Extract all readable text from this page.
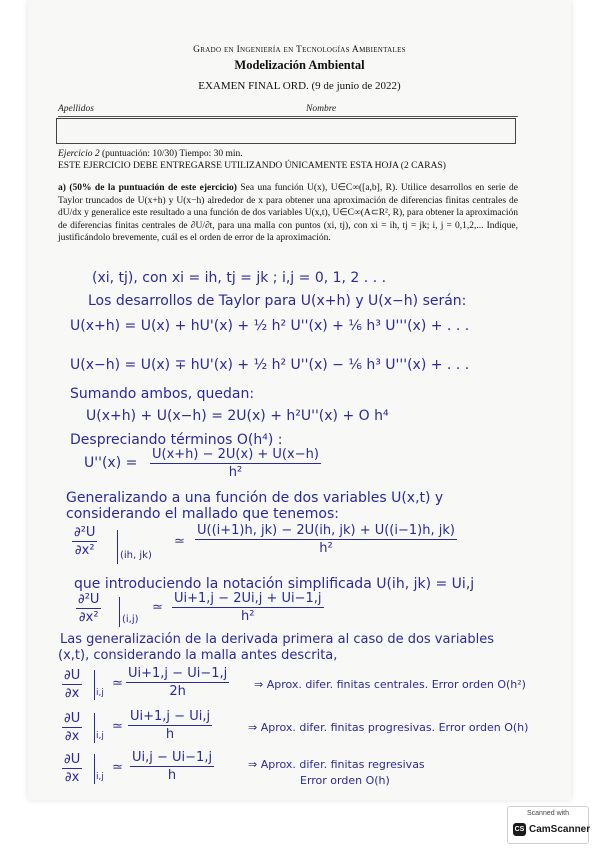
Grado en Ingeniería en Tecnologías Ambientales
Modelización Ambiental
EXAMEN FINAL ORD. (9 de junio de 2022)
Apellidos	Nombre
Ejercicio 2 (puntuación: 10/30) Tiempo: 30 min.
ESTE EJERCICIO DEBE ENTREGARSE UTILIZANDO ÚNICAMENTE ESTA HOJA (2 CARAS)
a) (50% de la puntuación de este ejercicio) Sea una función U(x), U∈C∞([a,b], R). Utilice desarrollos en serie de Taylor truncados de U(x+h) y U(x−h) alrededor de x para obtener una aproximación de diferencias finitas centrales de dU/dx y generalice este resultado a una función de dos variables U(x,t), U∈C∞(A⊂R², R), para obtener la aproximación de diferencias finitas centrales de ∂U/∂t, para una malla con puntos (xi, tj), con xi = ih, tj = jk; i, j = 0,1,2,... Indique, justificándolo brevemente, cuál es el orden de error de la aproximación.
(xi, tj), con xi = ih, tj = jk ; i,j = 0, 1, 2 . . .
Los desarrollos de Taylor para U(x+h) y U(x−h) serán:
U(x+h) = U(x) + hU'(x) + ½ h² U''(x) + ⅙ h³ U'''(x) + . . .
U(x−h) = U(x) ∓ hU'(x) + ½ h² U''(x) − ⅙ h³ U'''(x) + . . .
Sumando ambos, quedan:
U(x+h) + U(x−h) = 2U(x) + h²U''(x) + O h⁴
Despreciando términos O(h⁴) :
U''(x) =
U(x+h) − 2U(x) + U(x−h)
h²
Generalizando a una función de dos variables U(x,t) y
considerando el mallado que tenemos:
∂²U
∂x²	(ih, jk)
≃
U((i+1)h, jk) − 2U(ih, jk) + U((i−1)h, jk)
h²
que introduciendo la notación simplificada U(ih, jk) = Ui,j
∂²U
∂x² (i,j)
≃
Ui+1,j − 2Ui,j + Ui−1,j
h²
Las generalización de la derivada primera al caso de dos variables
(x,t), considerando la malla antes descrita,
∂U
∂x	i,j
≃
Ui+1,j − Ui−1,j
2h	⇒ Aprox. difer. finitas centrales. Error orden O(h²)
∂U
∂x	i,j
≃
Ui+1,j − Ui,j
h	⇒ Aprox. difer. finitas progresivas. Error orden O(h)
∂U
∂x	i,j
≃
Ui,j − Ui−1,j
h
⇒ Aprox. difer. finitas regresivas
Error orden O(h)
Scanned with
CS CamScanner
